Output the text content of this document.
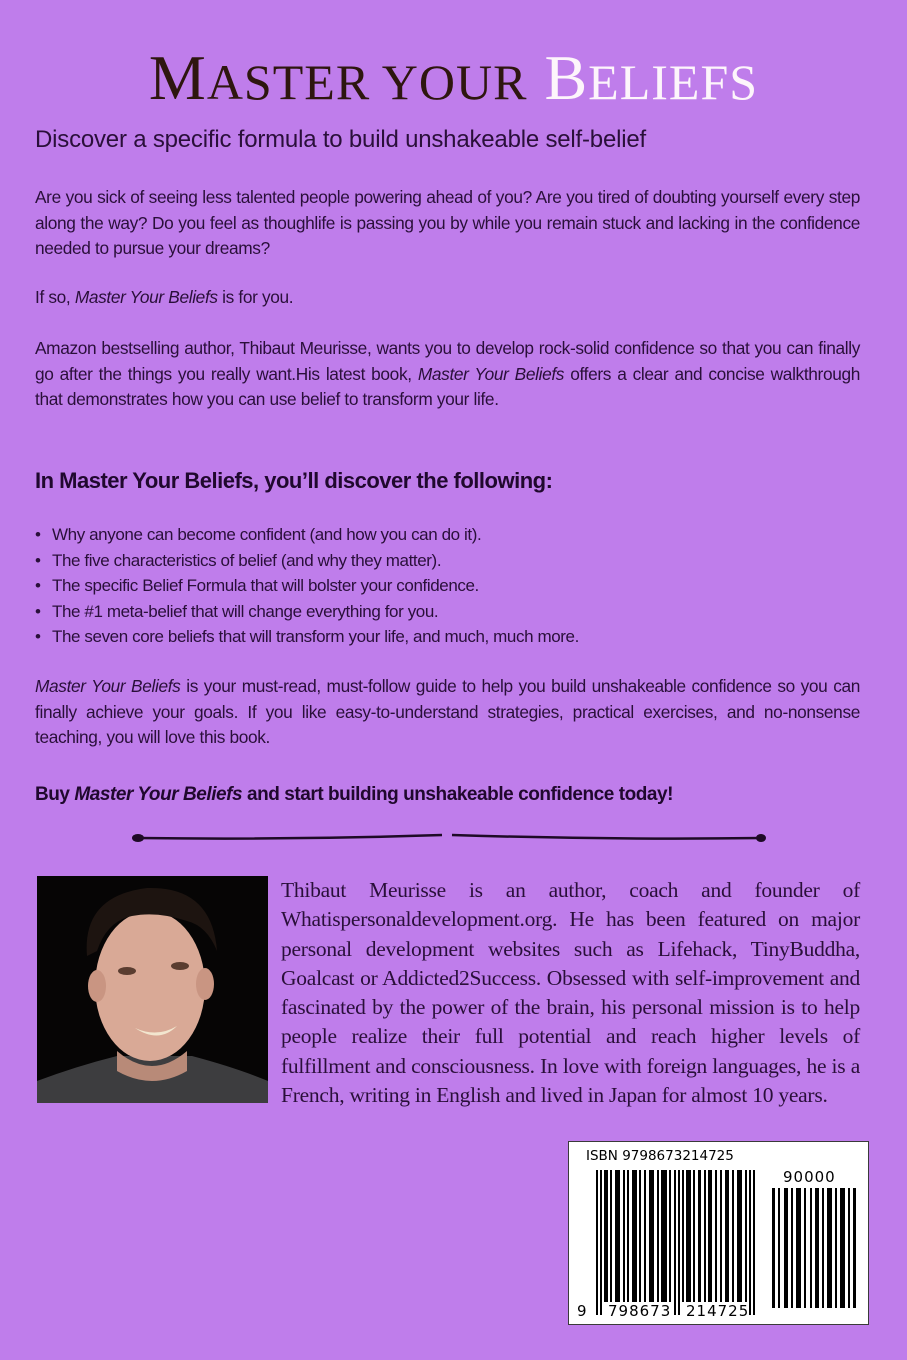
MASTER YOUR BELIEFS
Discover a specific formula to build unshakeable self-belief
Are you sick of seeing less talented people powering ahead of you? Are you tired of doubting yourself every step along the way? Do you feel as thoughlife is passing you by while you remain stuck and lacking in the confidence needed to pursue your dreams?
If so, Master Your Beliefs is for you.
Amazon bestselling author, Thibaut Meurisse, wants you to develop rock-solid confidence so that you can finally go after the things you really want.His latest book, Master Your Beliefs offers a clear and concise walkthrough that demonstrates how you can use belief to transform your life.
In Master Your Beliefs, you’ll discover the following:
• Why anyone can become confident (and how you can do it).
• The five characteristics of belief (and why they matter).
• The specific Belief Formula that will bolster your confidence.
• The #1 meta-belief that will change everything for you.
• The seven core beliefs that will transform your life, and much, much more.
Master Your Beliefs is your must-read, must-follow guide to help you build unshakeable confidence so you can finally achieve your goals. If you like easy-to-understand strategies, practical exercises, and no-nonsense teaching, you will love this book.
Buy Master Your Beliefs and start building unshakeable confidence today!
Thibaut Meurisse is an author, coach and founder of Whatispersonaldevelopment.org. He has been featured on major personal development websites such as Lifehack, TinyBuddha, Goalcast or Addicted2Success. Obsessed with self-improvement and fascinated by the power of the brain, his personal mission is to help people realize their full potential and reach higher levels of fulfillment and consciousness. In love with foreign languages, he is a French, writing in English and lived in Japan for almost 10 years.
ISBN 9798673214725
90000
9 798673 214725
